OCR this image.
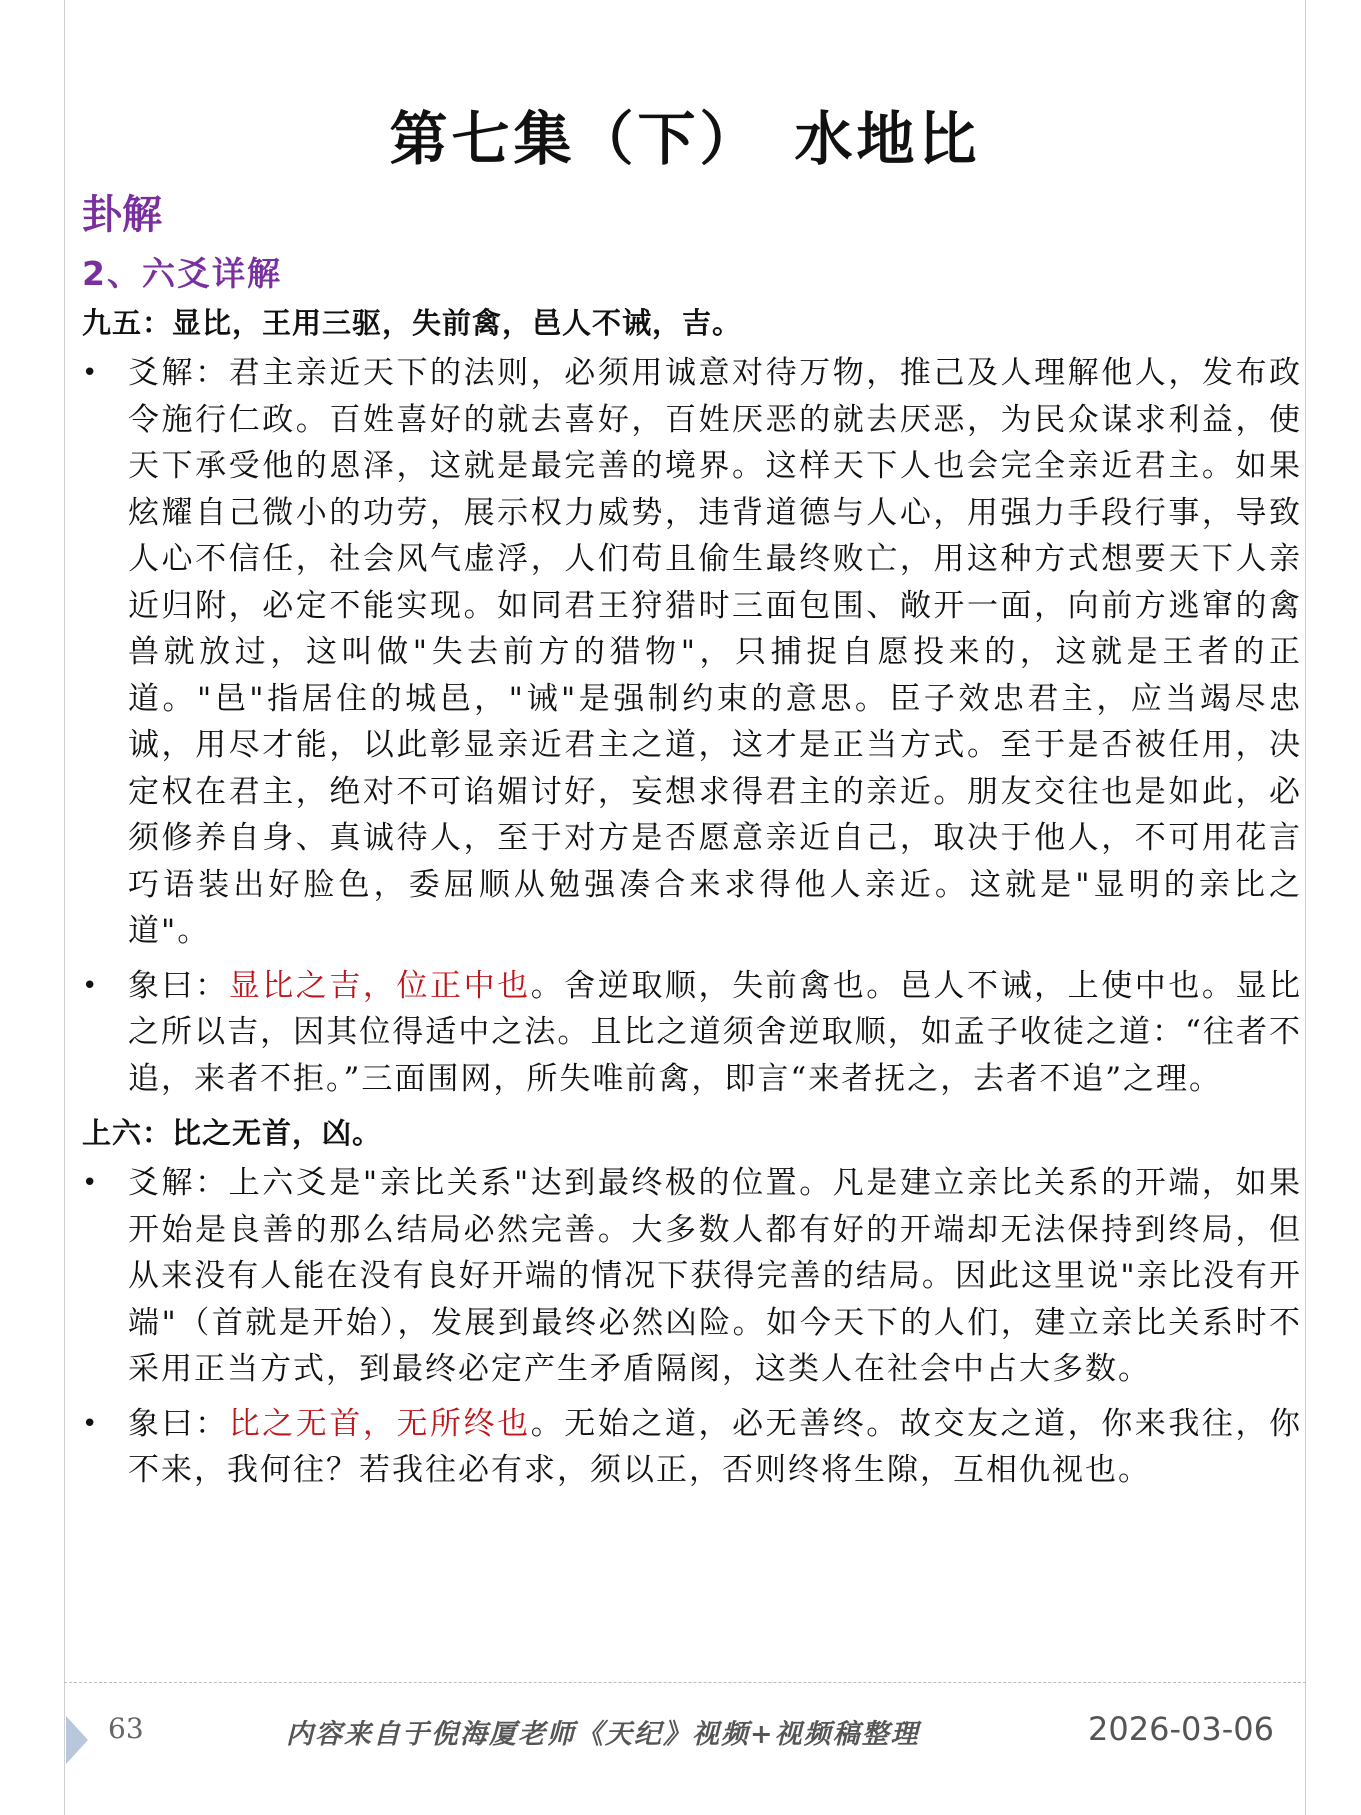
第七集（下）　水地比
卦解
2、六爻详解
九五：显比，王用三驱，失前禽，邑人不诫，吉。
• 爻解：君主亲近天下的法则，必须用诚意对待万物，推己及人理解他人，发布政令施行仁政。百姓喜好的就去喜好，百姓厌恶的就去厌恶，为民众谋求利益，使天下承受他的恩泽，这就是最完善的境界。这样天下人也会完全亲近君主。如果炫耀自己微小的功劳，展示权力威势，违背道德与人心，用强力手段行事，导致人心不信任，社会风气虚浮，人们苟且偷生最终败亡，用这种方式想要天下人亲近归附，必定不能实现。如同君王狩猎时三面包围、敞开一面，向前方逃窜的禽兽就放过，这叫做"失去前方的猎物"，只捕捉自愿投来的，这就是王者的正道。"邑"指居住的城邑，"诫"是强制约束的意思。臣子效忠君主，应当竭尽忠诚，用尽才能，以此彰显亲近君主之道，这才是正当方式。至于是否被任用，决定权在君主，绝对不可谄媚讨好，妄想求得君主的亲近。朋友交往也是如此，必须修养自身、真诚待人，至于对方是否愿意亲近自己，取决于他人，不可用花言巧语装出好脸色，委屈顺从勉强凑合来求得他人亲近。这就是"显明的亲比之道"。
• 象曰：显比之吉，位正中也。舍逆取顺，失前禽也。邑人不诫，上使中也。显比之所以吉，因其位得适中之法。且比之道须舍逆取顺，如孟子收徒之道：“往者不追，来者不拒。”三面围网，所失唯前禽，即言“来者抚之，去者不追”之理。
上六：比之无首，凶。
• 爻解：上六爻是"亲比关系"达到最终极的位置。凡是建立亲比关系的开端，如果开始是良善的那么结局必然完善。大多数人都有好的开端却无法保持到终局，但从来没有人能在没有良好开端的情况下获得完善的结局。因此这里说"亲比没有开端"（首就是开始），发展到最终必然凶险。如今天下的人们，建立亲比关系时不采用正当方式，到最终必定产生矛盾隔阂，这类人在社会中占大多数。
• 象曰：比之无首，无所终也。无始之道，必无善终。故交友之道，你来我往，你不来，我何往？若我往必有求，须以正，否则终将生隙，互相仇视也。
63	内容来自于倪海厦老师《天纪》视频+视频稿整理	2026-03-06
